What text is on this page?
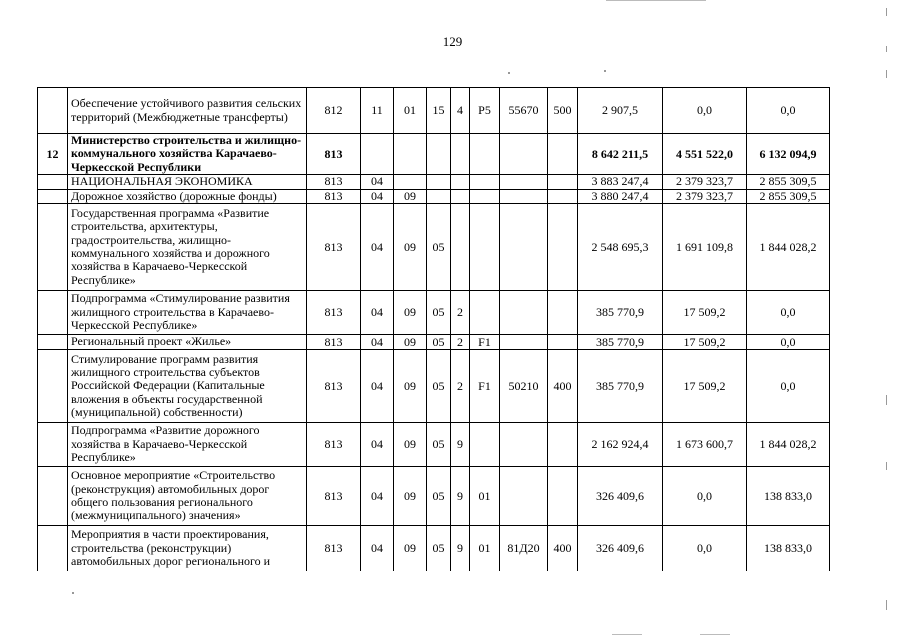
129
	Обеспечение устойчивого развития сельских территорий (Межбюджетные трансферты)	812	11	01	15	4	P5	55670	500	2 907,5	0,0	0,0
12	Министерство строительства и жилищно-коммунального хозяйства Карачаево-Черкесской Республики	813								8 642 211,5	4 551 522,0	6 132 094,9
	НАЦИОНАЛЬНАЯ ЭКОНОМИКА	813	04							3 883 247,4	2 379 323,7	2 855 309,5
	Дорожное хозяйство (дорожные фонды)	813	04	09						3 880 247,4	2 379 323,7	2 855 309,5
	Государственная программа «Развитие строительства, архитектуры, градостроительства, жилищно-коммунального хозяйства и дорожного хозяйства в Карачаево-Черкесской Республике»	813	04	09	05					2 548 695,3	1 691 109,8	1 844 028,2
	Подпрограмма «Стимулирование развития жилищного строительства в Карачаево-Черкесской Республике»	813	04	09	05	2				385 770,9	17 509,2	0,0
	Региональный проект «Жилье»	813	04	09	05	2	F1			385 770,9	17 509,2	0,0
	Стимулирование программ развития жилищного строительства субъектов Российской Федерации (Капитальные вложения в объекты государственной (муниципальной) собственности)	813	04	09	05	2	F1	50210	400	385 770,9	17 509,2	0,0
	Подпрограмма «Развитие дорожного хозяйства в Карачаево-Черкесской Республике»	813	04	09	05	9				2 162 924,4	1 673 600,7	1 844 028,2
	Основное мероприятие «Строительство (реконструкция) автомобильных дорог общего пользования регионального (межмуниципального) значения»	813	04	09	05	9	01			326 409,6	0,0	138 833,0
	Мероприятия в части проектирования, строительства (реконструкции) автомобильных дорог регионального и	813	04	09	05	9	01	81Д20	400	326 409,6	0,0	138 833,0
